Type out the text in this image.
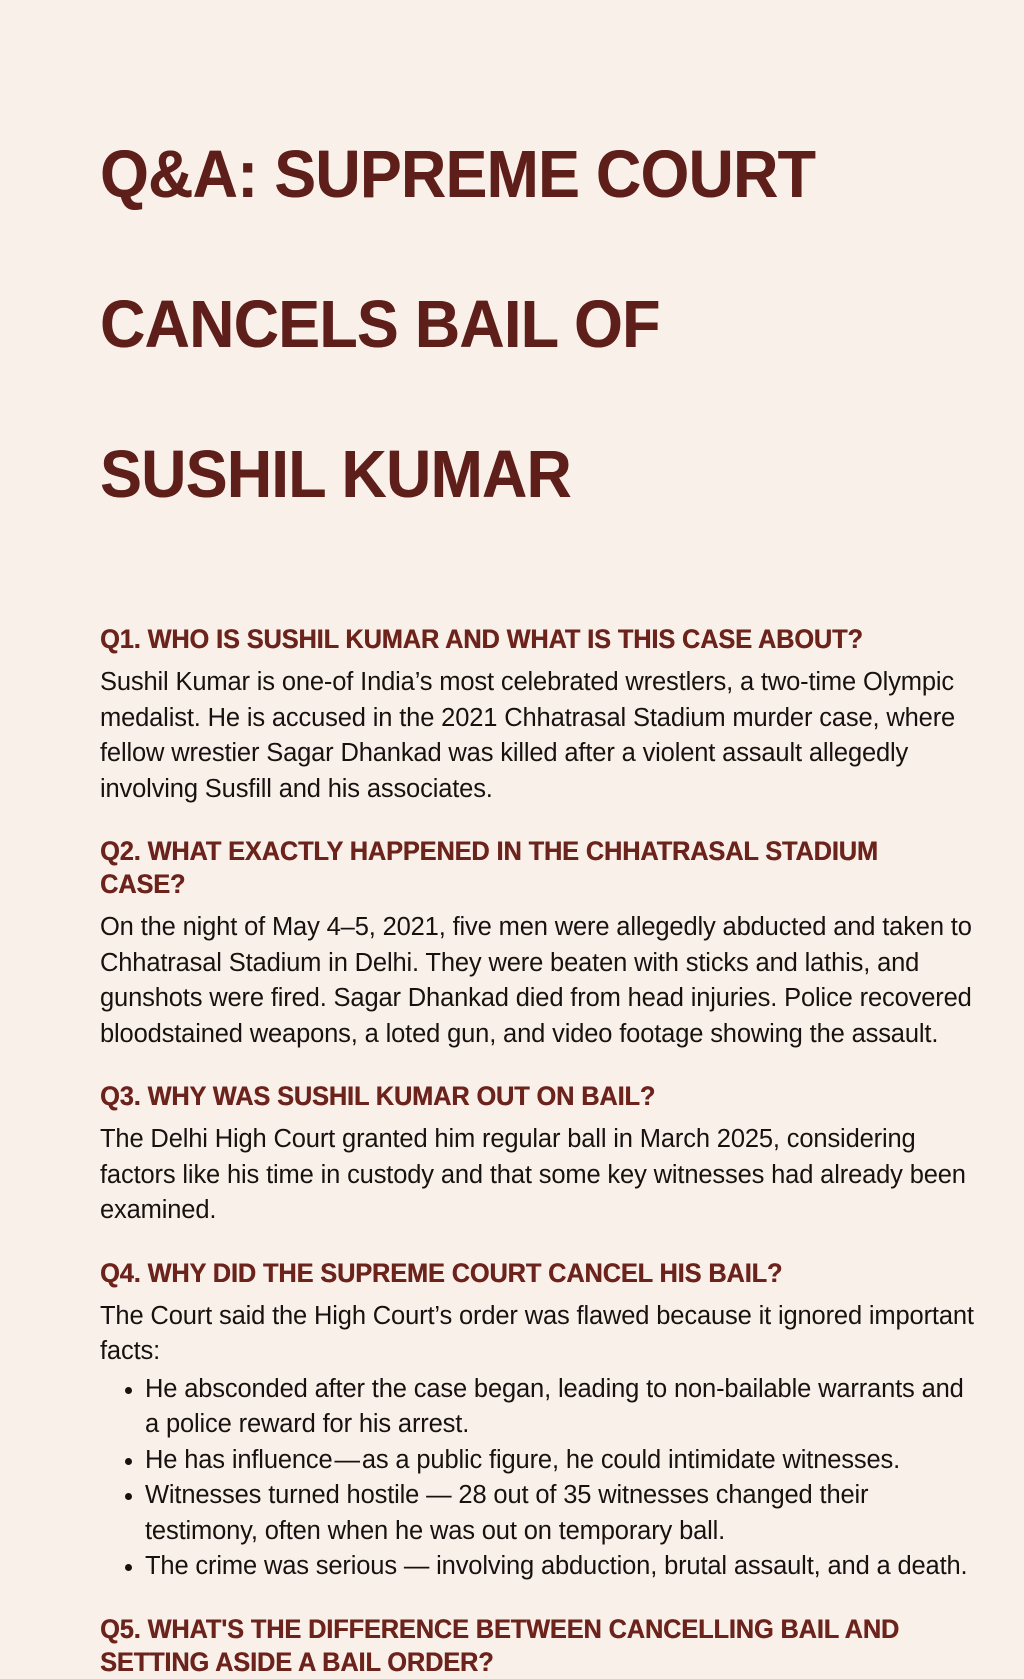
Q&A: SUPREME COURT

CANCELS BAIL OF

SUSHIL KUMAR

Q1. WHO IS SUSHIL KUMAR AND WHAT IS THIS CASE ABOUT?

Sushil Kumar is one-of India’s most celebrated wrestlers, a two-time Olympic medalist. He is accused in the 2021 Chhatrasal Stadium murder case, where fellow wrestier Sagar Dhankad was killed after a violent assault allegedly involving Susfill and his associates.

Q2. WHAT EXACTLY HAPPENED IN THE CHHATRASAL STADIUM CASE?

On the night of May 4–5, 2021, five men were allegedly abducted and taken to Chhatrasal Stadium in Delhi. They were beaten with sticks and lathis, and gunshots were fired. Sagar Dhankad died from head injuries. Police recovered bloodstained weapons, a loted gun, and video footage showing the assault.

Q3. WHY WAS SUSHIL KUMAR OUT ON BAIL?

The Delhi High Court granted him regular ball in March 2025, considering factors like his time in custody and that some key witnesses had already been examined.

Q4. WHY DID THE SUPREME COURT CANCEL HIS BAIL?

The Court said the High Court’s order was flawed because it ignored important facts:

He absconded after the case began, leading to non-bailable warrants and a police reward for his arrest.
He has influence — as a public figure, he could intimidate witnesses.
Witnesses turned hostile — 28 out of 35 witnesses changed their testimony, often when he was out on temporary ball.
The crime was serious — involving abduction, brutal assault, and a death.
Q5. WHAT'S THE DIFFERENCE BETWEEN CANCELLING BAIL AND SETTING ASIDE A BAIL ORDER?
